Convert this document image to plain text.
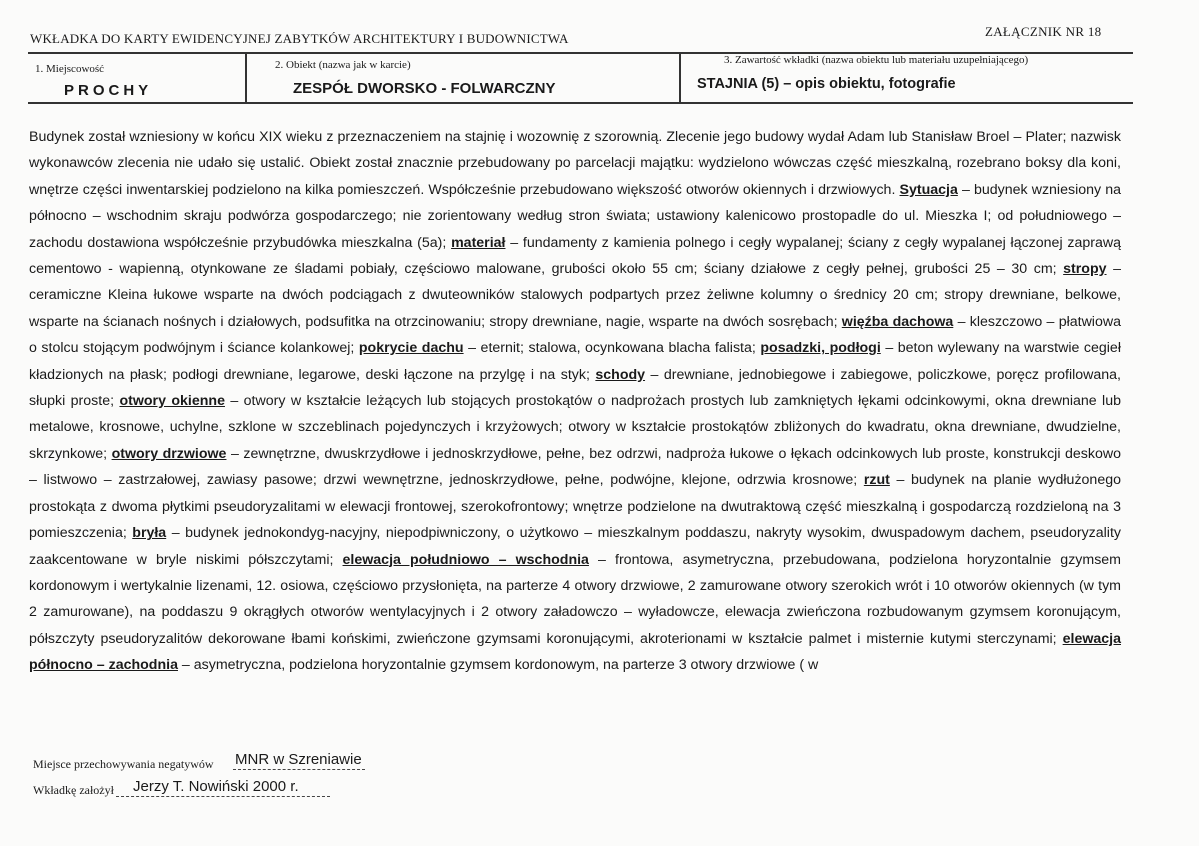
WKŁADKA DO KARTY EWIDENCYJNEJ ZABYTKÓW ARCHITEKTURY I BUDOWNICTWA	ZAŁĄCZNIK NR 18
1. Miejscowość
PROCHY
2. Obiekt (nazwa jak w karcie)
ZESPÓŁ DWORSKO - FOLWARCZNY
3. Zawartość wkładki (nazwa obiektu lub materiału uzupełniającego)
STAJNIA (5) – opis obiektu, fotografie

Budynek został wzniesiony w końcu XIX wieku z przeznaczeniem na stajnię i wozownię z szorownią. Zlecenie jego budowy wydał Adam lub Stanisław Broel – Plater; nazwisk wykonawców zlecenia nie udało się ustalić. Obiekt został znacznie przebudowany po parcelacji majątku: wydzielono wówczas część mieszkalną, rozebrano boksy dla koni, wnętrze części inwentarskiej podzielono na kilka pomieszczeń. Współcześnie przebudowano większość otworów okiennych i drzwiowych. Sytuacja – budynek wzniesiony na północno – wschodnim skraju podwórza gospodarczego; nie zorientowany według stron świata; ustawiony kalenicowo prostopadle do ul. Mieszka I; od południowego – zachodu dostawiona współcześnie przybudówka mieszkalna (5a); materiał – fundamenty z kamienia polnego i cegły wypalanej; ściany z cegły wypalanej łączonej zaprawą cementowo - wapienną, otynkowane ze śladami pobiały, częściowo malowane, grubości około 55 cm; ściany działowe z cegły pełnej, grubości 25 – 30 cm; stropy – ceramiczne Kleina łukowe wsparte na dwóch podciągach z dwuteowników stalowych podpartych przez żeliwne kolumny o średnicy 20 cm; stropy drewniane, belkowe, wsparte na ścianach nośnych i działowych, podsufitka na otrzcinowaniu; stropy drewniane, nagie, wsparte na dwóch sosrębach; więźba dachowa – kleszczowo – płatwiowa o stolcu stojącym podwójnym i ściance kolankowej; pokrycie dachu – eternit; stalowa, ocynkowana blacha falista; posadzki, podłogi – beton wylewany na warstwie cegieł kładzionych na płask; podłogi drewniane, legarowe, deski łączone na przylgę i na styk; schody – drewniane, jednobiegowe i zabiegowe, policzkowe, poręcz profilowana, słupki proste; otwory okienne – otwory w kształcie leżących lub stojących prostokątów o nadprożach prostych lub zamkniętych łękami odcinkowymi, okna drewniane lub metalowe, krosnowe, uchylne, szklone w szczeblinach pojedynczych i krzyżowych; otwory w kształcie prostokątów zbliżonych do kwadratu, okna drewniane, dwudzielne, skrzynkowe; otwory drzwiowe – zewnętrzne, dwuskrzydłowe i jednoskrzydłowe, pełne, bez odrzwi, nadproża łukowe o łękach odcinkowych lub proste, konstrukcji deskowo – listwowo – zastrzałowej, zawiasy pasowe; drzwi wewnętrzne, jednoskrzydłowe, pełne, podwójne, klejone, odrzwia krosnowe; rzut – budynek na planie wydłużonego prostokąta z dwoma płytkimi pseudoryzalitami w elewacji frontowej, szerokofrontowy; wnętrze podzielone na dwutraktową część mieszkalną i gospodarczą rozdzieloną na 3 pomieszczenia; bryła – budynek jednokondyg-nacyjny, niepodpiwniczony, o użytkowo – mieszkalnym poddaszu, nakryty wysokim, dwuspadowym dachem, pseudoryzality zaakcentowane w bryle niskimi półszczytami; elewacja południowo – wschodnia – frontowa, asymetryczna, przebudowana, podzielona horyzontalnie gzymsem kordonowym i wertykalnie lizenami, 12. osiowa, częściowo przysłonięta, na parterze 4 otwory drzwiowe, 2 zamurowane otwory szerokich wrót i 10 otworów okiennych (w tym 2 zamurowane), na poddaszu 9 okrągłych otworów wentylacyjnych i 2 otwory załadowczo – wyładowcze, elewacja zwieńczona rozbudowanym gzymsem koronującym, półszczyty pseudoryzalitów dekorowane łbami końskimi, zwieńczone gzymsami koronującymi, akroterionami w kształcie palmet i misternie kutymi sterczynami; elewacja północno – zachodnia – asymetryczna, podzielona horyzontalnie gzymsem kordonowym, na parterze 3 otwory drzwiowe ( w

Miejsce przechowywania negatywów MNR w Szreniawie
Wkładkę założył	Jerzy T. Nowiński 2000 r.
